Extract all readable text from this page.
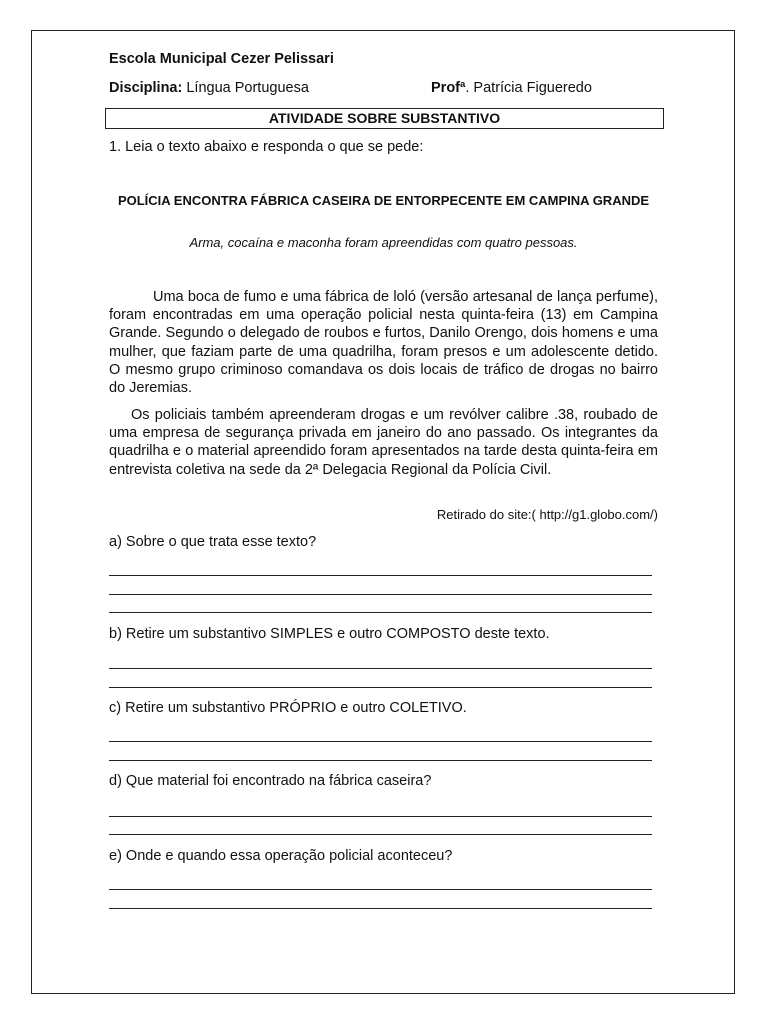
Escola Municipal Cezer Pelissari
Disciplina: Língua Portuguesa	Profª. Patrícia Figueredo
ATIVIDADE SOBRE SUBSTANTIVO
1. Leia o texto abaixo e responda o que se pede:
POLÍCIA ENCONTRA FÁBRICA CASEIRA DE ENTORPECENTE EM CAMPINA GRANDE
Arma, cocaína e maconha foram apreendidas com quatro pessoas.
Uma boca de fumo e uma fábrica de loló (versão artesanal de lança perfume), foram encontradas em uma operação policial nesta quinta-feira (13) em Campina Grande. Segundo o delegado de roubos e furtos, Danilo Orengo, dois homens e uma mulher, que faziam parte de uma quadrilha, foram presos e um adolescente detido. O mesmo grupo criminoso comandava os dois locais de tráfico de drogas no bairro do Jeremias.
Os policiais também apreenderam drogas e um revólver calibre .38, roubado de uma empresa de segurança privada em janeiro do ano passado. Os integrantes da quadrilha e o material apreendido foram apresentados na tarde desta quinta-feira em entrevista coletiva na sede da 2ª Delegacia Regional da Polícia Civil.
Retirado do site:( http://g1.globo.com/)
a) Sobre o que trata esse texto?
b) Retire um substantivo SIMPLES e outro COMPOSTO deste texto.
c) Retire um substantivo PRÓPRIO e outro COLETIVO.
d) Que material foi encontrado na fábrica caseira?
e) Onde e quando essa operação policial aconteceu?
